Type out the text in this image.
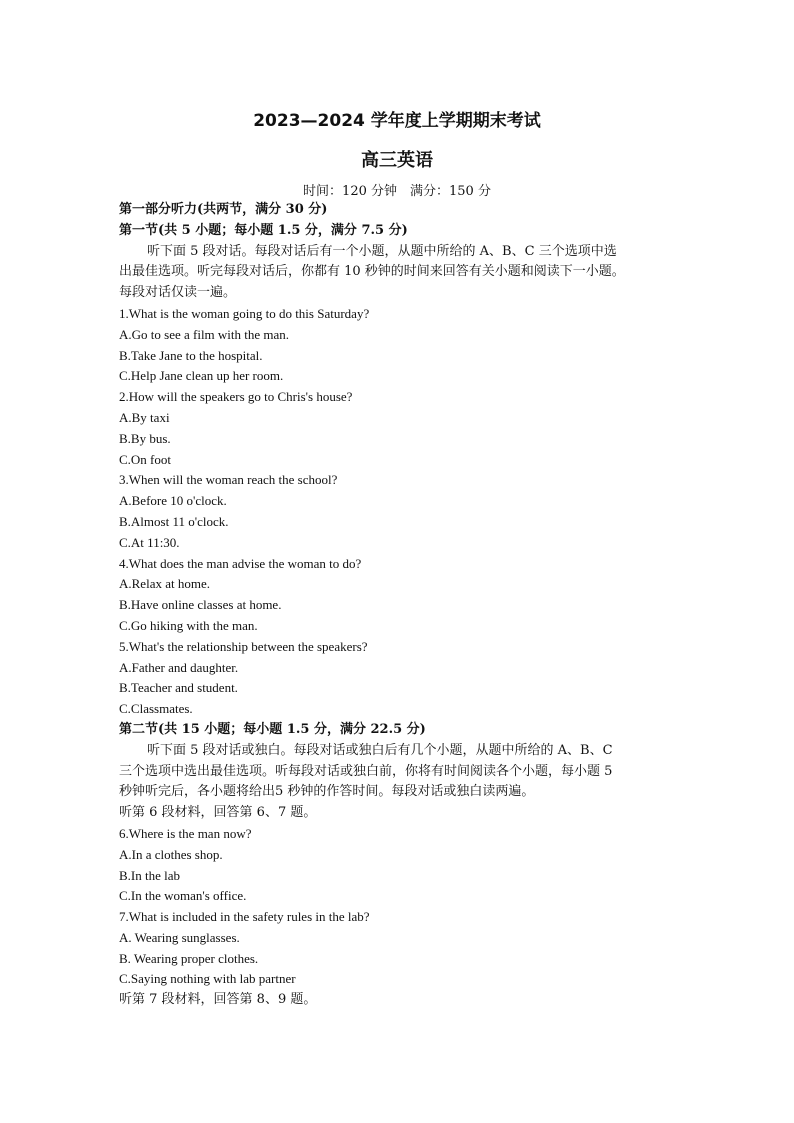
2023—2024 学年度上学期期末考试
高三英语
时间：120 分钟　满分：150 分
第一部分听力(共两节，满分 30 分)
第一节(共 5 小题；每小题 1.5 分，满分 7.5 分)
听下面 5 段对话。每段对话后有一个小题，从题中所给的 A、B、C 三个选项中选
出最佳选项。听完每段对话后，你都有 10 秒钟的时间来回答有关小题和阅读下一小题。
每段对话仅读一遍。
1.What is the woman going to do this Saturday?
A.Go to see a film with the man.
B.Take Jane to the hospital.
C.Help Jane clean up her room.
2.How will the speakers go to Chris's house?
A.By taxi
B.By bus.
C.On foot
3.When will the woman reach the school?
A.Before 10 o'clock.
B.Almost 11 o'clock.
C.At 11:30.
4.What does the man advise the woman to do?
A.Relax at home.
B.Have online classes at home.
C.Go hiking with the man.
5.What's the relationship between the speakers?
A.Father and daughter.
B.Teacher and student.
C.Classmates.
第二节(共 15 小题；每小题 1.5 分，满分 22.5 分)
听下面 5 段对话或独白。每段对话或独白后有几个小题，从题中所给的 A、B、C
三个选项中选出最佳选项。听每段对话或独白前，你将有时间阅读各个小题，每小题 5
秒钟听完后，各小题将给出5 秒钟的作答时间。每段对话或独白读两遍。
听第 6 段材料，回答第 6、7 题。
6.Where is the man now?
A.In a clothes shop.
B.In the lab
C.In the woman's office.
7.What is included in the safety rules in the lab?
A. Wearing sunglasses.
B. Wearing proper clothes.
C.Saying nothing with lab partner
听第 7 段材料，回答第 8、9 题。
